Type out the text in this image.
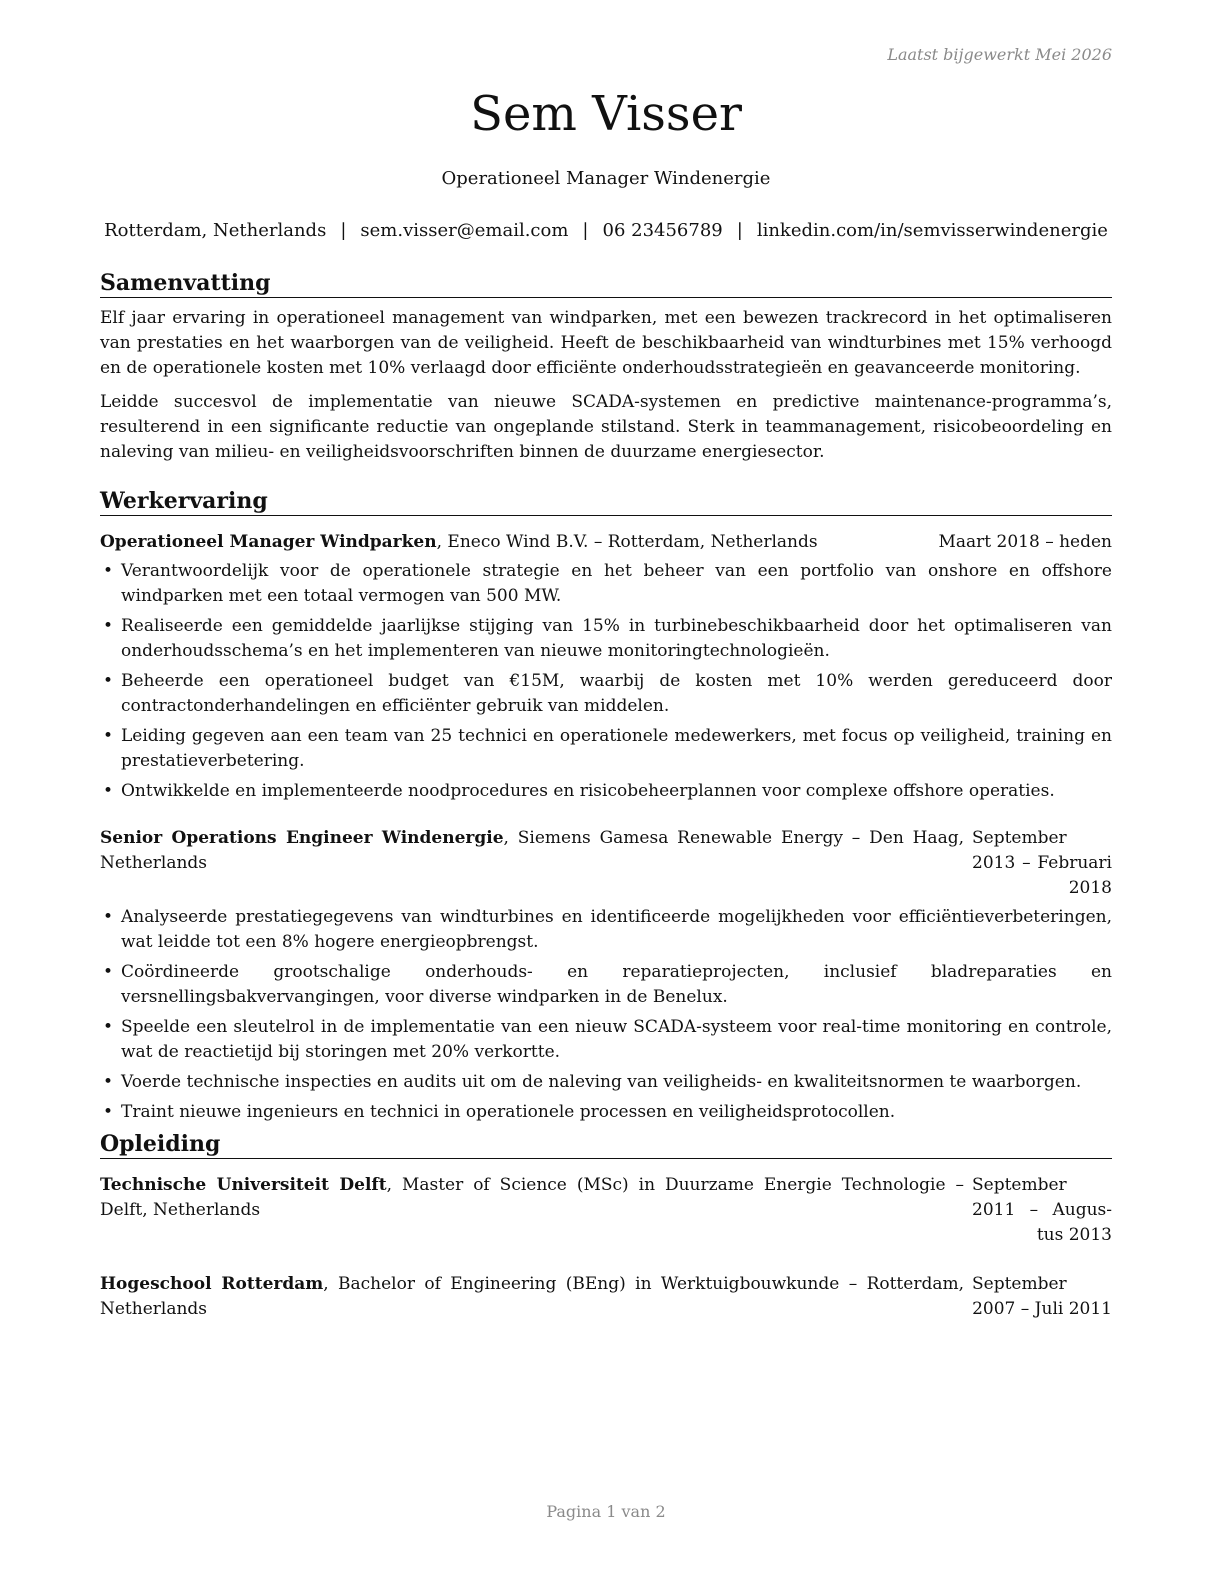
Laatst bijgewerkt Mei 2026
Sem Visser
Operationeel Manager Windenergie
Rotterdam, Netherlands | sem.visser@email.com | 06 23456789 | linkedin.com/in/semvisserwindenergie
Samenvatting

Elf jaar ervaring in operationeel management van windparken, met een bewezen trackrecord in het optimaliseren van prestaties en het waarborgen van de veiligheid. Heeft de beschikbaarheid van windturbines met 15% verhoogd en de operationele kosten met 10% verlaagd door efficiënte onderhoudsstrategieën en geavanceerde monitoring.

Leidde succesvol de implementatie van nieuwe SCADA-systemen en predictive maintenance-programma’s, resulterend in een significante reductie van ongeplande stilstand. Sterk in teammanagement, risicobeoordeling en naleving van milieu- en veiligheidsvoorschriften binnen de duurzame energiesector.

Werkervaring
Operationeel Manager Windparken, Eneco Wind B.V. – Rotterdam, Netherlands	Maart 2018 – heden
• Verantwoordelijk voor de operationele strategie en het beheer van een portfolio van onshore en offshore windparken met een totaal vermogen van 500 MW.
• Realiseerde een gemiddelde jaarlijkse stijging van 15% in turbinebeschikbaarheid door het optimaliseren van onderhoudsschema’s en het implementeren van nieuwe monitoringtechnologieën.
• Beheerde een operationeel budget van €15M, waarbij de kosten met 10% werden gereduceerd door contractonderhandelingen en efficiënter gebruik van middelen.
• Leiding gegeven aan een team van 25 technici en operationele medewerkers, met focus op veiligheid, training en prestatieverbetering.
• Ontwikkelde en implementeerde noodprocedures en risicobeheerplannen voor complexe offshore operaties.
Senior Operations Engineer Windenergie, Siemens Gamesa Renewable Energy – Den Haag, Netherlands
September 2013 – Februari 2018
• Analyseerde prestatiegegevens van windturbines en identificeerde mogelijkheden voor efficiëntieverbeteringen, wat leidde tot een 8% hogere energieopbrengst.
• Coördineerde grootschalige onderhouds- en reparatieprojecten, inclusief bladreparaties en versnellingsbakvervangingen, voor diverse windparken in de Benelux.
• Speelde een sleutelrol in de implementatie van een nieuw SCADA-systeem voor real-time monitoring en controle, wat de reactietijd bij storingen met 20% verkortte.
• Voerde technische inspecties en audits uit om de naleving van veiligheids- en kwaliteitsnormen te waarborgen.
• Traint nieuwe ingenieurs en technici in operationele processen en veiligheidsprotocollen.
Opleiding
Technische Universiteit Delft, Master of Science (MSc) in Duurzame Energie Technologie – Delft, Netherlands
September 2011 – Augustus 2013
Hogeschool Rotterdam, Bachelor of Engineering (BEng) in Werktuigbouwkunde – Rotterdam, Netherlands
September 2007 – Juli 2011
Pagina 1 van 2
